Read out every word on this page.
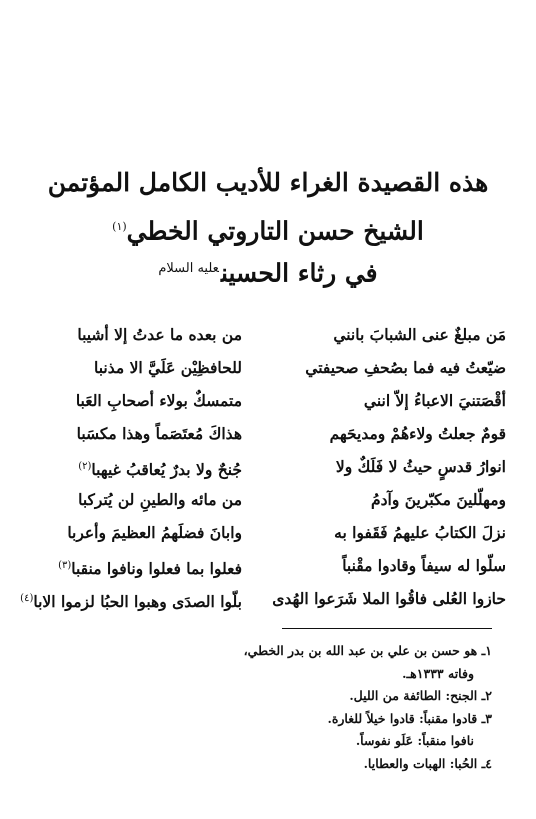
هذه القصيدة الغراء للأديب الكامل المؤتمن
الشيخ حسن التاروتي الخطي$^{(١)}$
في رثاء الحسين$^{عليه السلام}$
مَن مبلغٌ عنى الشبابَ بانني
من بعده ما عدتُ إلا أشيبا
ضيّعتُ فيه فما بصُحفِ صحيفتي
للحافظِيْن عَلَيَّ الا مذنبا
أقْصَتنيَ الاعباءُ إلاّ انني
متمسكٌ بولاء أصحابِ العَبا
قومٌ جعلتُ ولاءهُمْ ومديحَهم
هذاكَ مُعتَصَماً وهذا مكسَبا
انوارُ قدسٍ حيثُ لا فَلَكٌ ولا
جُنحٌ ولا بدرٌ يُعاقبُ غيهبا$^{(٢)}$
ومهلّلينَ مكبّرينَ وآدمُ
من مائه والطينِ لن يُتركبا
نزلَ الكتابُ عليهمُ فَقَفوا به
وابانَ فضلَهمُ العظيمَ وأعربا
سلّوا له سيفاً وقادوا مقْنباً
فعلوا بما فعلوا ونافوا منقبا$^{(٣)}$
حازوا العُلى فاقُوا الملا شَرَعوا الهُدى
بلّوا الصدَى وهبوا الحبُا لزموا الابا$^{(٤)}$
١ـ هو حسن بن علي بن عبد الله بن بدر الخطي،
وفاته ١٣٣٣هـ.
٢ـ الجنح: الطائفة من الليل.
٣ـ قادوا مقنباً: قادوا خيلاً للغارة.
نافوا منقباً: عَلَو نفوساً.
٤ـ الحُبا: الهبات والعطايا.
